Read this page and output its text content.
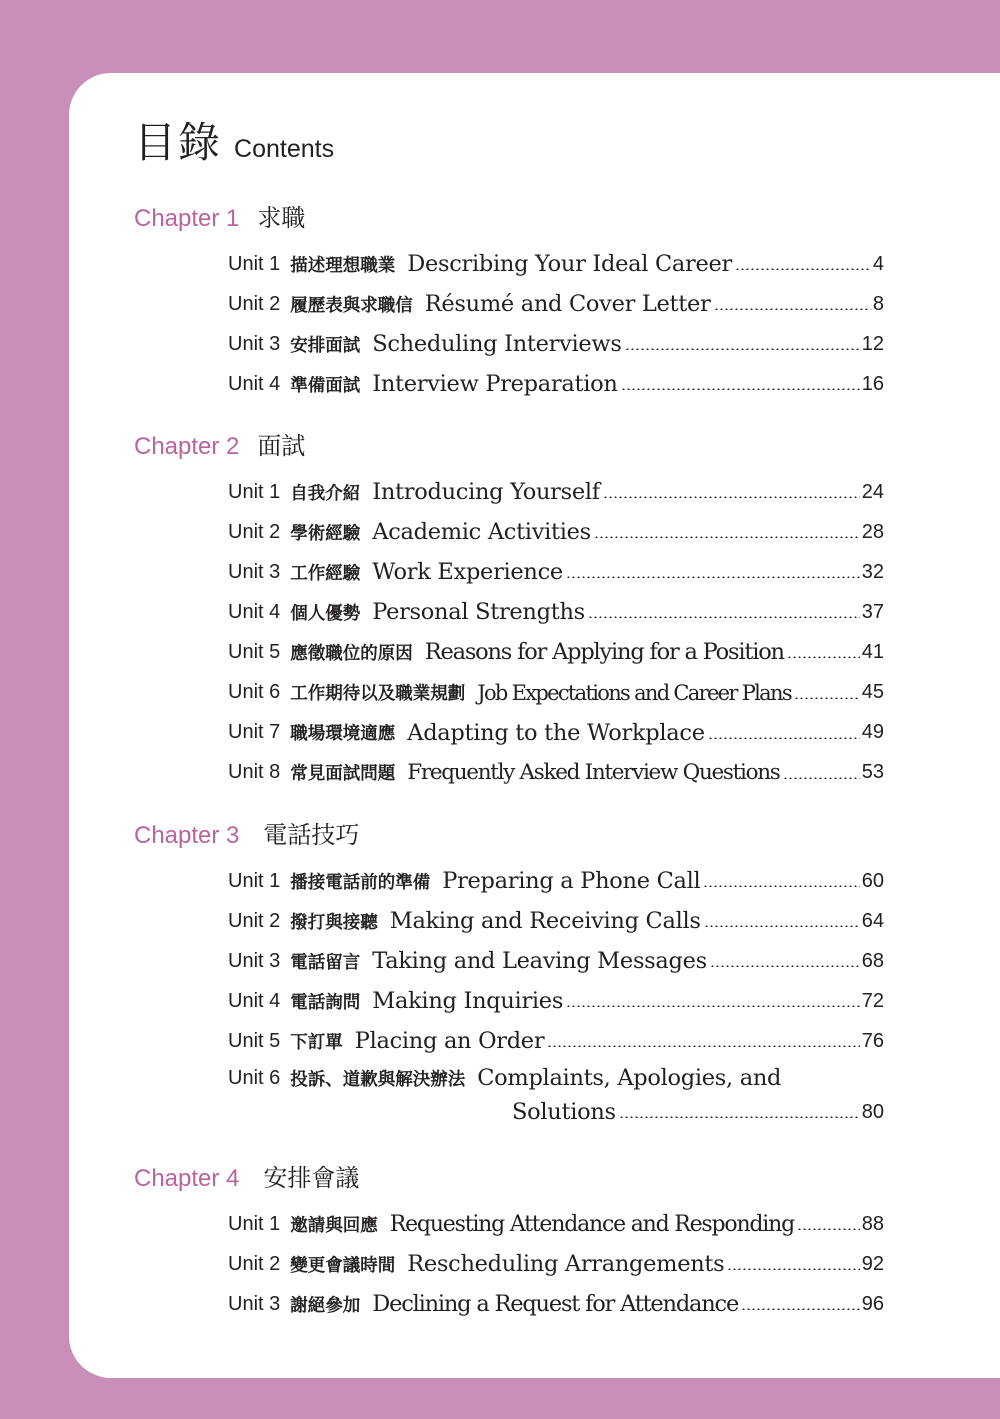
目錄 Contents
Chapter 1 求職
Unit 1 描述理想職業 Describing Your Ideal Career	4
Unit 2 履歷表與求職信 Résumé and Cover Letter	8
Unit 3 安排面試 Scheduling Interviews	12
Unit 4 準備面試 Interview Preparation	16
Chapter 2 面試
Unit 1 自我介紹 Introducing Yourself	24
Unit 2 學術經驗 Academic Activities	28
Unit 3 工作經驗 Work Experience	32
Unit 4 個人優勢 Personal Strengths	37
Unit 5 應徵職位的原因 Reasons for Applying for a Position	41
Unit 6 工作期待以及職業規劃 Job Expectations and Career Plans	45
Unit 7 職場環境適應 Adapting to the Workplace	49
Unit 8 常見面試問題 Frequently Asked Interview Questions	53
Chapter 3 電話技巧
Unit 1 播接電話前的準備 Preparing a Phone Call	60
Unit 2 撥打與接聽 Making and Receiving Calls	64
Unit 3 電話留言 Taking and Leaving Messages	68
Unit 4 電話詢問 Making Inquiries	72
Unit 5 下訂單 Placing an Order	76
Unit 6 投訴、道歉與解決辦法 Complaints, Apologies, and
Solutions	80
Chapter 4 安排會議
Unit 1 邀請與回應 Requesting Attendance and Responding	88
Unit 2 變更會議時間 Rescheduling Arrangements	92
Unit 3 謝絕參加 Declining a Request for Attendance	96
